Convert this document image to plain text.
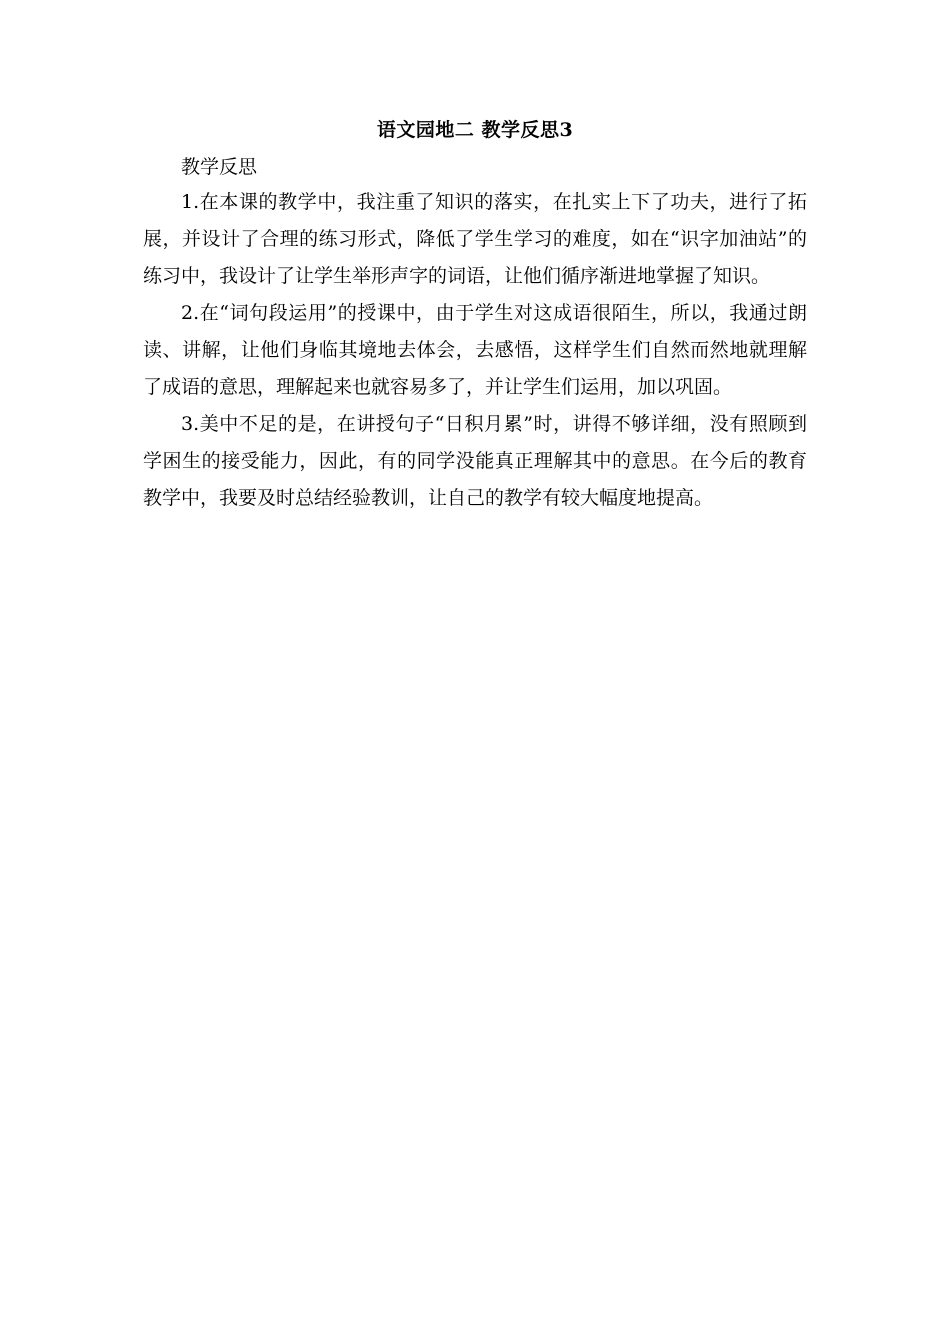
语文园地二 教学反思3

教学反思

1.在本课的教学中，我注重了知识的落实，在扎实上下了功夫，进行了拓展，并设计了合理的练习形式，降低了学生学习的难度，如在“识字加油站”的练习中，我设计了让学生举形声字的词语，让他们循序渐进地掌握了知识。

2.在“词句段运用”的授课中，由于学生对这成语很陌生，所以，我通过朗读、讲解，让他们身临其境地去体会，去感悟，这样学生们自然而然地就理解了成语的意思，理解起来也就容易多了，并让学生们运用，加以巩固。

3.美中不足的是，在讲授句子“日积月累”时，讲得不够详细，没有照顾到学困生的接受能力，因此，有的同学没能真正理解其中的意思。在今后的教育教学中，我要及时总结经验教训，让自己的教学有较大幅度地提高。
